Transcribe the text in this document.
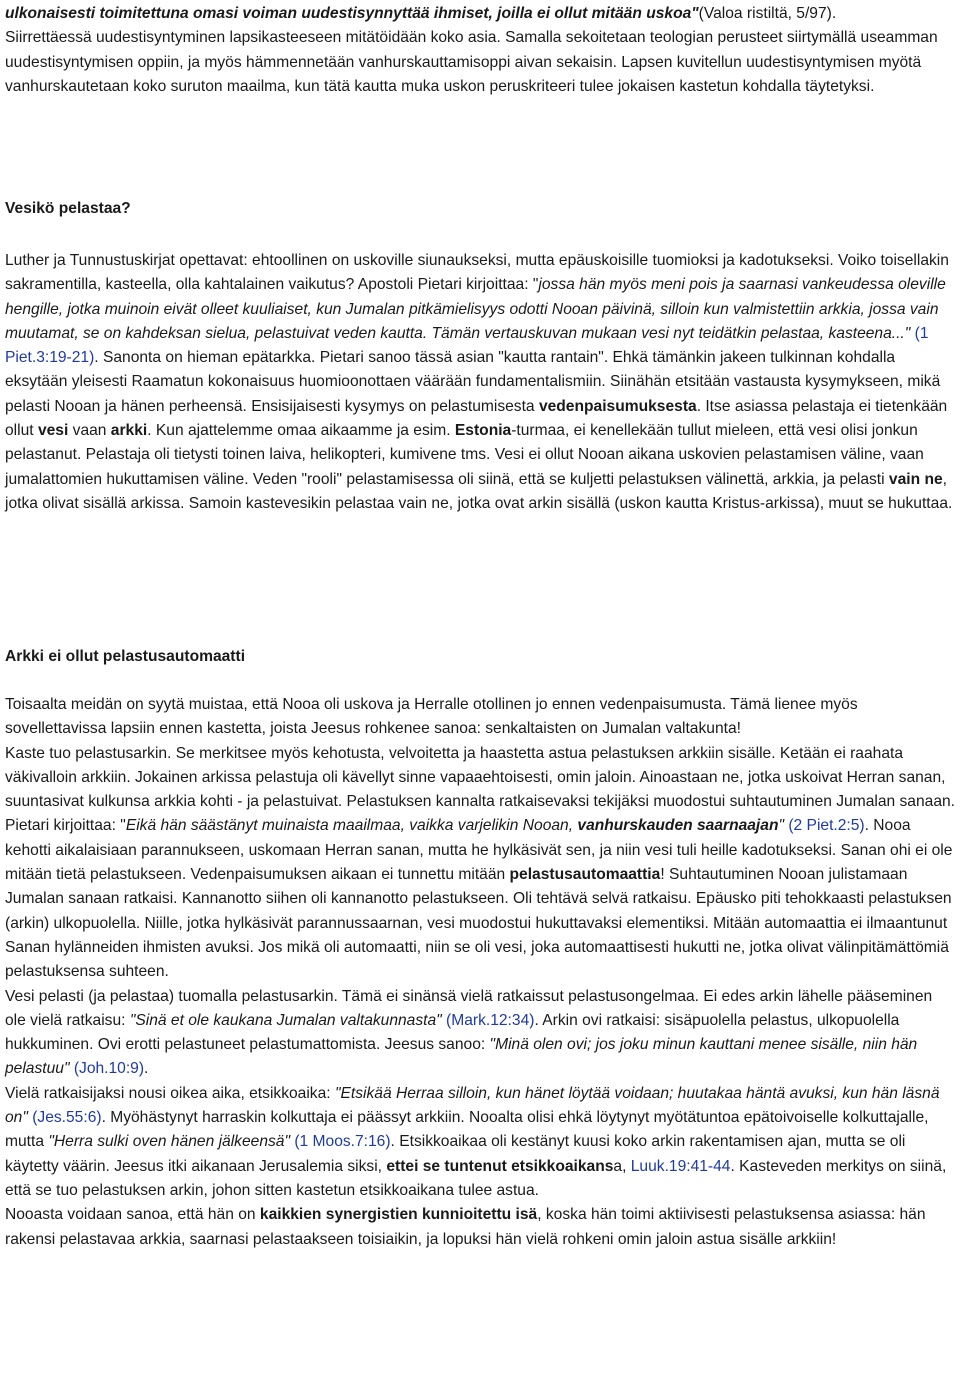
ulkonaisesti toimitettuna omasi voiman uudestisynnyttää ihmiset, joilla ei ollut mitään uskoa"(Valoa ristiltä, 5/97).

Siirrettäessä uudestisyntyminen lapsikasteeseen mitätöidään koko asia. Samalla sekoitetaan teologian perusteet siirtymällä useamman uudestisyntymisen oppiin, ja myös hämmennetään vanhurskauttamisoppi aivan sekaisin. Lapsen kuvitellun uudestisyntymisen myötä vanhurskautetaan koko suruton maailma, kun tätä kautta muka uskon peruskriteeri tulee jokaisen kastetun kohdalla täytetyksi.

Vesikö pelastaa?

Luther ja Tunnustuskirjat opettavat: ehtoollinen on uskoville siunaukseksi, mutta epäuskoisille tuomioksi ja kadotukseksi. Voiko toisellakin sakramentilla, kasteella, olla kahtalainen vaikutus? Apostoli Pietari kirjoittaa: "jossa hän myös meni pois ja saarnasi vankeudessa oleville hengille, jotka muinoin eivät olleet kuuliaiset, kun Jumalan pitkämielisyys odotti Nooan päivinä, silloin kun valmistettiin arkkia, jossa vain muutamat, se on kahdeksan sielua, pelastuivat veden kautta. Tämän vertauskuvan mukaan vesi nyt teidätkin pelastaa, kasteena..." (1 Piet.3:19-21). Sanonta on hieman epätarkka. Pietari sanoo tässä asian "kautta rantain". Ehkä tämänkin jakeen tulkinnan kohdalla eksytään yleisesti Raamatun kokonaisuus huomioonottaen väärään fundamentalismiin. Siinähän etsitään vastausta kysymykseen, mikä pelasti Nooan ja hänen perheensä. Ensisijaisesti kysymys on pelastumisesta vedenpaisumuksesta. Itse asiassa pelastaja ei tietenkään ollut vesi vaan arkki. Kun ajattelemme omaa aikaamme ja esim. Estonia-turmaa, ei kenellekään tullut mieleen, että vesi olisi jonkun pelastanut. Pelastaja oli tietysti toinen laiva, helikopteri, kumivene tms. Vesi ei ollut Nooan aikana uskovien pelastamisen väline, vaan jumalattomien hukuttamisen väline. Veden "rooli" pelastamisessa oli siinä, että se kuljetti pelastuksen välinettä, arkkia, ja pelasti vain ne, jotka olivat sisällä arkissa. Samoin kastevesikin pelastaa vain ne, jotka ovat arkin sisällä (uskon kautta Kristus-arkissa), muut se hukuttaa.

Arkki ei ollut pelastusautomaatti

Toisaalta meidän on syytä muistaa, että Nooa oli uskova ja Herralle otollinen jo ennen vedenpaisumusta. Tämä lienee myös sovellettavissa lapsiin ennen kastetta, joista Jeesus rohkenee sanoa: senkaltaisten on Jumalan valtakunta!

Kaste tuo pelastusarkin. Se merkitsee myös kehotusta, velvoitetta ja haastetta astua pelastuksen arkkiin sisälle. Ketään ei raahata väkivalloin arkkiin. Jokainen arkissa pelastuja oli kävellyt sinne vapaaehtoisesti, omin jaloin. Ainoastaan ne, jotka uskoivat Herran sanan, suuntasivat kulkunsa arkkia kohti - ja pelastuivat. Pelastuksen kannalta ratkaisevaksi tekijäksi muodostui suhtautuminen Jumalan sanaan.

Pietari kirjoittaa: "Eikä hän säästänyt muinaista maailmaa, vaikka varjelikin Nooan, vanhurskauden saarnaajan" (2 Piet.2:5). Nooa kehotti aikalaisiaan parannukseen, uskomaan Herran sanan, mutta he hylkäsivät sen, ja niin vesi tuli heille kadotukseksi. Sanan ohi ei ole mitään tietä pelastukseen. Vedenpaisumuksen aikaan ei tunnettu mitään pelastusautomaattia! Suhtautuminen Nooan julistamaan Jumalan sanaan ratkaisi. Kannanotto siihen oli kannanotto pelastukseen. Oli tehtävä selvä ratkaisu. Epäusko piti tehokkaasti pelastuksen (arkin) ulkopuolella. Niille, jotka hylkäsivät parannussaarnan, vesi muodostui hukuttavaksi elementiksi. Mitään automaattia ei ilmaantunut Sanan hylänneiden ihmisten avuksi. Jos mikä oli automaatti, niin se oli vesi, joka automaattisesti hukutti ne, jotka olivat välinpitämättömiä pelastuksensa suhteen.

Vesi pelasti (ja pelastaa) tuomalla pelastusarkin. Tämä ei sinänsä vielä ratkaissut pelastusongelmaa. Ei edes arkin lähelle pääseminen ole vielä ratkaisu: "Sinä et ole kaukana Jumalan valtakunnasta" (Mark.12:34). Arkin ovi ratkaisi: sisäpuolella pelastus, ulkopuolella hukkuminen. Ovi erotti pelastuneet pelastumattomista. Jeesus sanoo: "Minä olen ovi; jos joku minun kauttani menee sisälle, niin hän pelastuu" (Joh.10:9).

Vielä ratkaisijaksi nousi oikea aika, etsikkoaika: "Etsikää Herraa silloin, kun hänet löytää voidaan; huutakaa häntä avuksi, kun hän läsnä on" (Jes.55:6). Myöhästynyt harraskin kolkuttaja ei päässyt arkkiin. Nooalta olisi ehkä löytynyt myötätuntoa epätoivoiselle kolkuttajalle, mutta "Herra sulki oven hänen jälkeensä" (1 Moos.7:16). Etsikkoaikaa oli kestänyt kuusi koko arkin rakentamisen ajan, mutta se oli käytetty väärin. Jeesus itki aikanaan Jerusalemia siksi, ettei se tuntenut etsikkoaikansa, Luuk.19:41-44. Kasteveden merkitys on siinä, että se tuo pelastuksen arkin, johon sitten kastetun etsikkoaikana tulee astua.

Nooasta voidaan sanoa, että hän on kaikkien synergistien kunnioitettu isä, koska hän toimi aktiivisesti pelastuksensa asiassa: hän rakensi pelastavaa arkkia, saarnasi pelastaakseen toisiaikin, ja lopuksi hän vielä rohkeni omin jaloin astua sisälle arkkiin!
